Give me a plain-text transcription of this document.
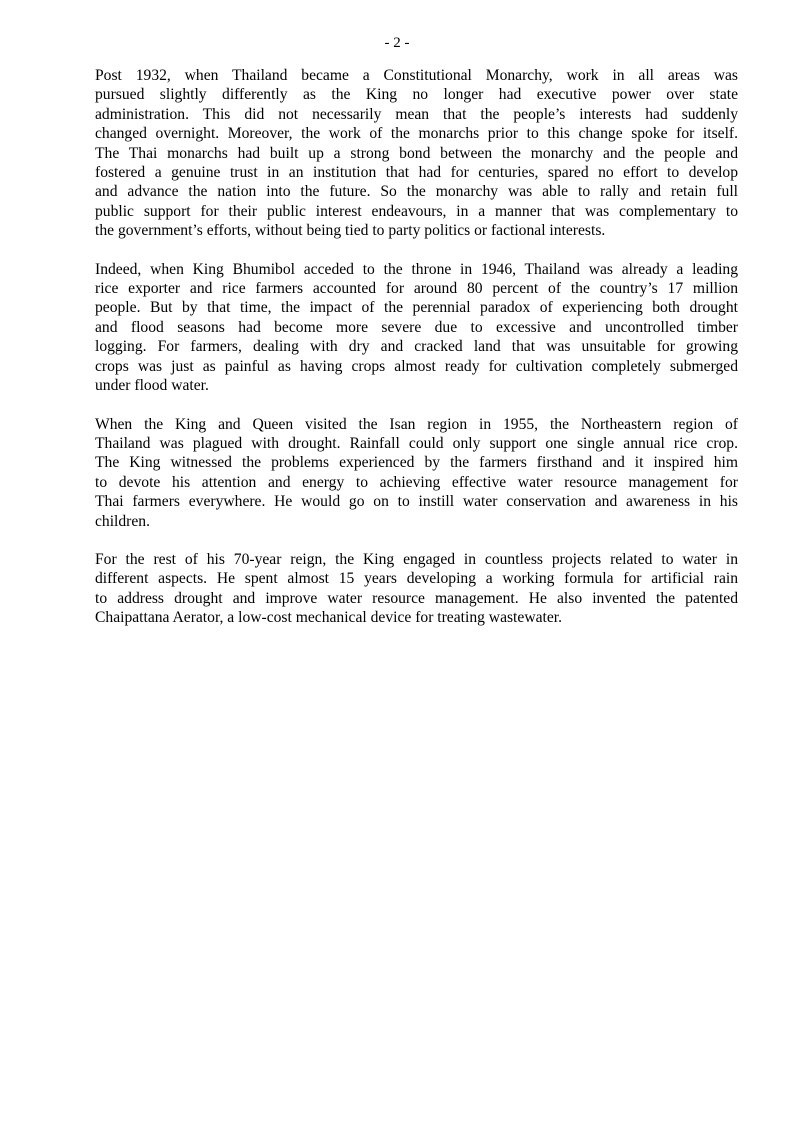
- 2 -

Post 1932, when Thailand became a Constitutional Monarchy, work in all areas was
pursued slightly differently as the King no longer had executive power over state
administration. This did not necessarily mean that the people’s interests had suddenly
changed overnight. Moreover, the work of the monarchs prior to this change spoke for itself.
The Thai monarchs had built up a strong bond between the monarchy and the people and
fostered a genuine trust in an institution that had for centuries, spared no effort to develop
and advance the nation into the future. So the monarchy was able to rally and retain full
public support for their public interest endeavours, in a manner that was complementary to
the government’s efforts, without being tied to party politics or factional interests.

Indeed, when King Bhumibol acceded to the throne in 1946, Thailand was already a leading
rice exporter and rice farmers accounted for around 80 percent of the country’s 17 million
people. But by that time, the impact of the perennial paradox of experiencing both drought
and flood seasons had become more severe due to excessive and uncontrolled timber
logging. For farmers, dealing with dry and cracked land that was unsuitable for growing
crops was just as painful as having crops almost ready for cultivation completely submerged
under flood water.

When the King and Queen visited the Isan region in 1955, the Northeastern region of
Thailand was plagued with drought. Rainfall could only support one single annual rice crop.
The King witnessed the problems experienced by the farmers firsthand and it inspired him
to devote his attention and energy to achieving effective water resource management for
Thai farmers everywhere. He would go on to instill water conservation and awareness in his
children.

For the rest of his 70-year reign, the King engaged in countless projects related to water in
different aspects. He spent almost 15 years developing a working formula for artificial rain
to address drought and improve water resource management. He also invented the patented
Chaipattana Aerator, a low-cost mechanical device for treating wastewater.
